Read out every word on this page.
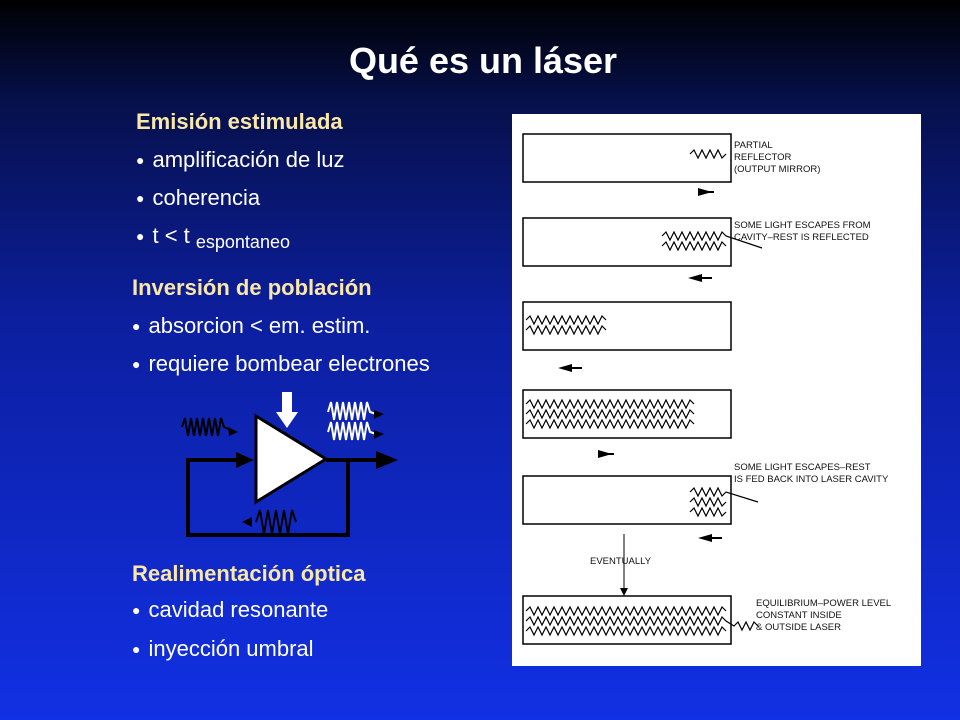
Qué es un láser
Emisión estimulada
● amplificación de luz
● coherencia
● t < t $_{espontaneo}$
Inversión de población
● absorcion < em. estim.
● requiere bombear electrones
Realimentación óptica
● cavidad resonante
● inyección umbral
PARTIAL
REFLECTOR
(OUTPUT MIRROR)
SOME LIGHT ESCAPES FROM
CAVITY–REST IS REFLECTED
SOME LIGHT ESCAPES–REST
IS FED BACK INTO LASER CAVITY
EVENTUALLY
EQUILIBRIUM–POWER LEVEL
CONSTANT INSIDE
& OUTSIDE LASER
